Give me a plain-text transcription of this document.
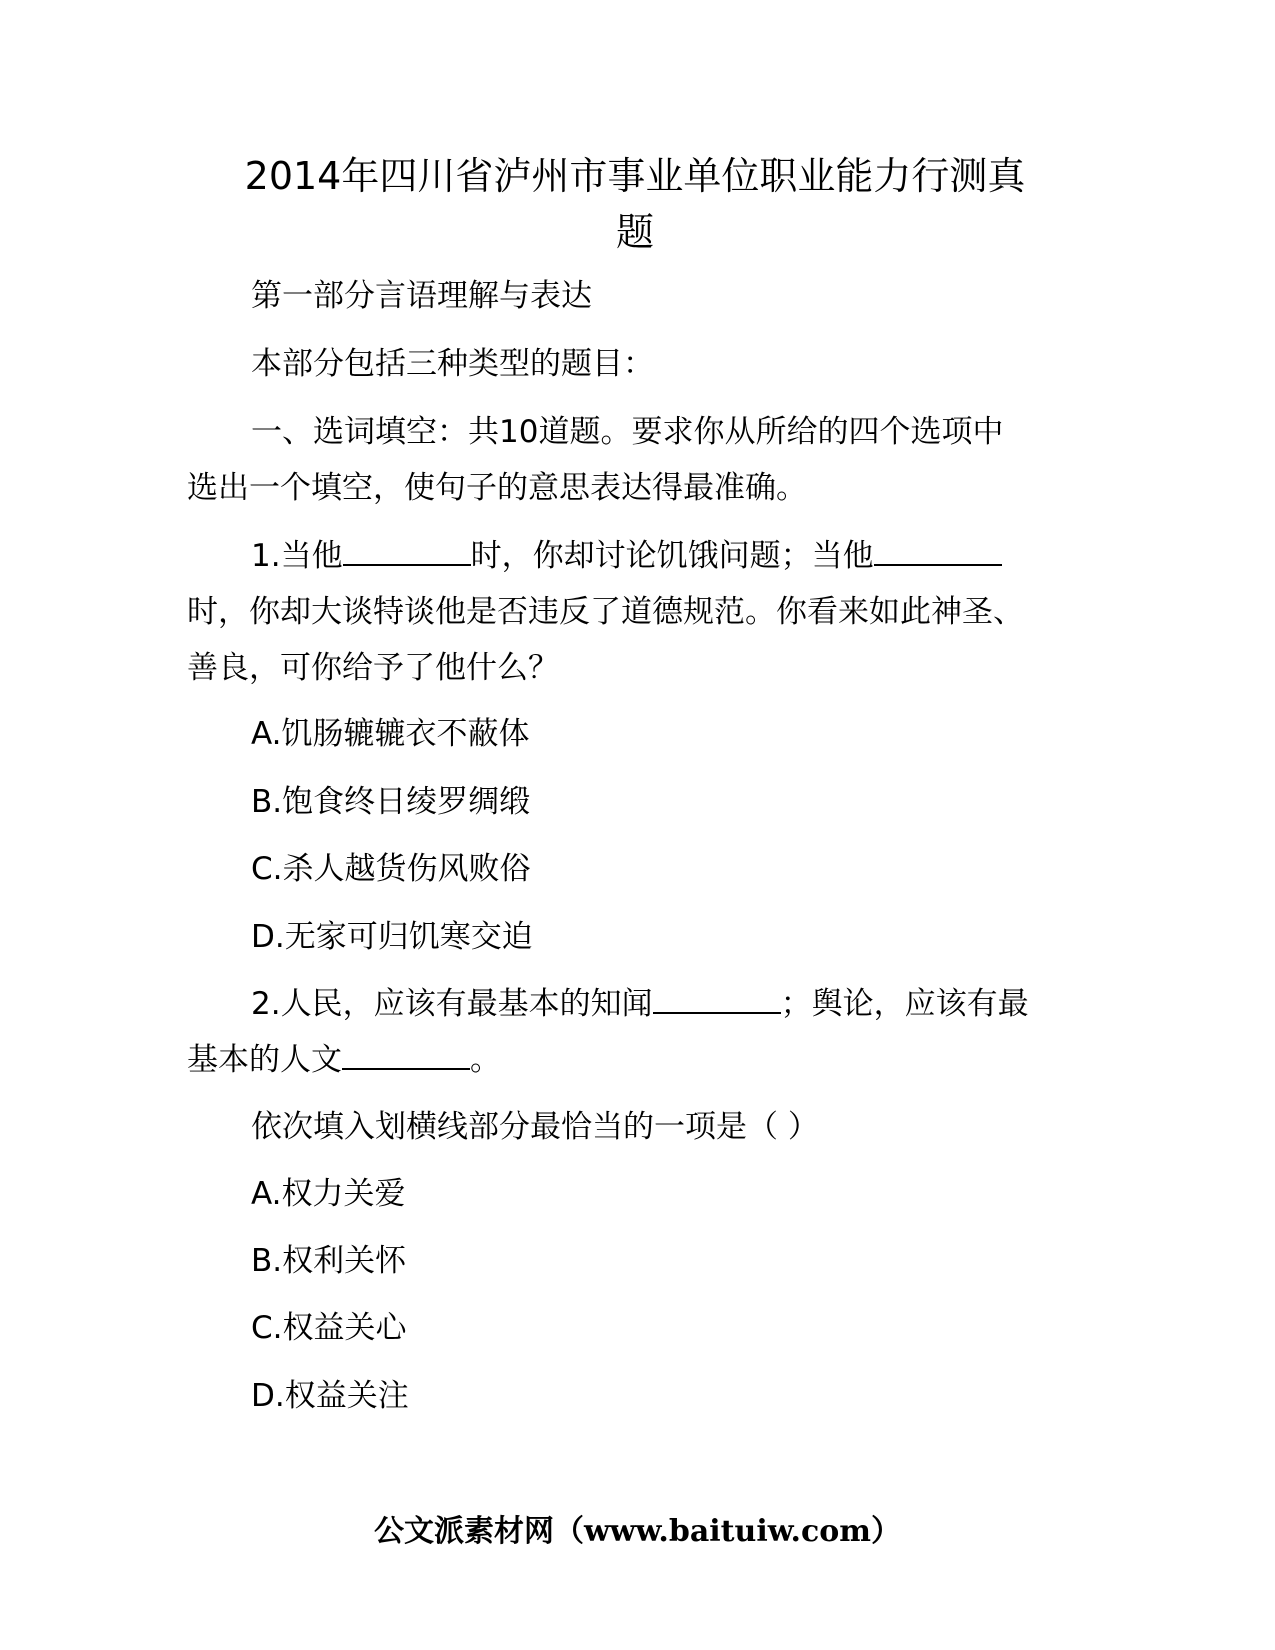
2014年四川省泸州市事业单位职业能力行测真
题

第一部分言语理解与表达

本部分包括三种类型的题目：

一、选词填空：共10道题。要求你从所给的四个选项中

选出一个填空，使句子的意思表达得最准确。

1.当他	时，你却讨论饥饿问题；当他

时，你却大谈特谈他是否违反了道德规范。你看来如此神圣、

善良，可你给予了他什么？

A.饥肠辘辘衣不蔽体

B.饱食终日绫罗绸缎

C.杀人越货伤风败俗

D.无家可归饥寒交迫

2.人民，应该有最基本的知闻	；舆论，应该有最

基本的人文	。

依次填入划横线部分最恰当的一项是（ ）

A.权力关爱

B.权利关怀

C.权益关心

D.权益关注

公文派素材网（www.baituiw.com）
